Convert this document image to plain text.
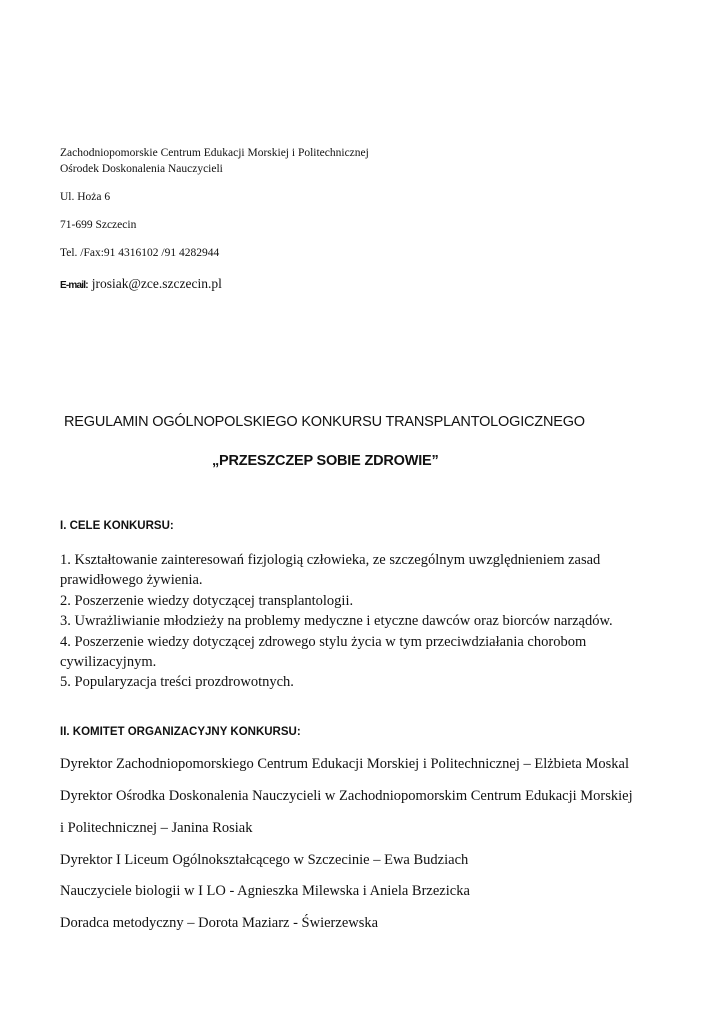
Zachodniopomorskie Centrum Edukacji Morskiej i Politechnicznej
Ośrodek Doskonalenia Nauczycieli
Ul. Hoża 6
71-699 Szczecin
Tel. /Fax:91 4316102 /91 4282944
E-mail: jrosiak@zce.szczecin.pl
REGULAMIN OGÓLNOPOLSKIEGO KONKURSU TRANSPLANTOLOGICZNEGO
„PRZESZCZEP SOBIE ZDROWIE”
I. CELE KONKURSU:
1. Kształtowanie zainteresowań fizjologią człowieka, ze szczególnym uwzględnieniem zasad prawidłowego żywienia.
2. Poszerzenie wiedzy dotyczącej transplantologii.
3. Uwrażliwianie młodzieży na problemy medyczne i etyczne dawców oraz biorców narządów.
4. Poszerzenie wiedzy dotyczącej zdrowego stylu życia w tym przeciwdziałania chorobom cywilizacyjnym.
5. Popularyzacja treści prozdrowotnych.
II. KOMITET ORGANIZACYJNY KONKURSU:
Dyrektor Zachodniopomorskiego Centrum Edukacji Morskiej i Politechnicznej – Elżbieta Moskal
Dyrektor Ośrodka Doskonalenia Nauczycieli w Zachodniopomorskim Centrum Edukacji Morskiej
i Politechnicznej – Janina Rosiak
Dyrektor I Liceum Ogólnokształcącego w Szczecinie – Ewa Budziach
Nauczyciele biologii w I LO - Agnieszka Milewska i Aniela Brzezicka
Doradca metodyczny – Dorota Maziarz - Świerzewska
